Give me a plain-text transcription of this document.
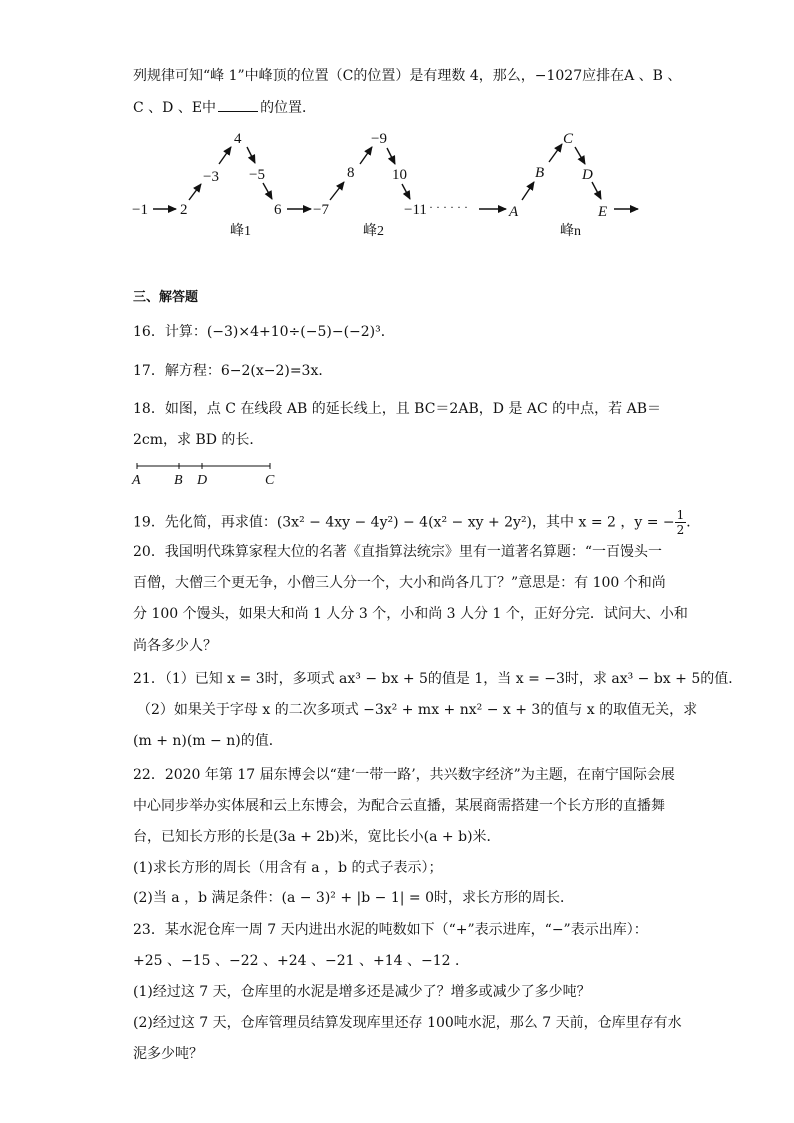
列规律可知“峰 1”中峰顶的位置（C的位置）是有理数 4，那么，−1027应排在A 、B 、
C 、D 、E中	的位置．
−1 2
−3
4
−5
6 −7
8
−9
10
−11 · · · · · ·	A
B
C
D
E
峰1	峰2	峰n
三、解答题
16．计算：(−3)×4+10÷(−5)−(−2)³．
17．解方程：6−2(x−2)=3x．
18．如图，点 C 在线段 AB 的延长线上，且 BC＝2AB，D 是 AC 的中点，若 AB＝
2cm，求 BD 的长．
A B D	C
19．先化简，再求值：(3x² − 4xy − 4y²) − 4(x² − xy + 2y²)，其中 x = 2 ，y = − $\frac{1}{2}$ ．
20．我国明代珠算家程大位的名著《直指算法统宗》里有一道著名算题：“一百馒头一
百僧，大僧三个更无争，小僧三人分一个，大小和尚各几丁？”意思是：有 100 个和尚
分 100 个馒头，如果大和尚 1 人分 3 个，小和尚 3 人分 1 个，正好分完．试问大、小和
尚各多少人？
21．（1）已知 x = 3时，多项式 ax³ − bx + 5的值是 1，当 x = −3时，求 ax³ − bx + 5的值．
（2）如果关于字母 x 的二次多项式 −3x² + mx + nx² − x + 3的值与 x 的取值无关，求
(m + n)(m − n)的值．
22．2020 年第 17 届东博会以“建‘一带一路’，共兴数字经济”为主题，在南宁国际会展
中心同步举办实体展和云上东博会，为配合云直播，某展商需搭建一个长方形的直播舞
台，已知长方形的长是(3a + 2b)米，宽比长小(a + b)米．
(1)求长方形的周长（用含有 a ，b 的式子表示）；
(2)当 a ，b 满足条件：(a − 3)² + |b − 1| = 0时，求长方形的周长．
23．某水泥仓库一周 7 天内进出水泥的吨数如下（“+”表示进库，“−”表示出库）：
+25 、−15 、−22 、+24 、−21 、+14 、−12 ．
(1)经过这 7 天，仓库里的水泥是增多还是减少了？增多或减少了多少吨？
(2)经过这 7 天，仓库管理员结算发现库里还存 100吨水泥，那么 7 天前，仓库里存有水
泥多少吨？
